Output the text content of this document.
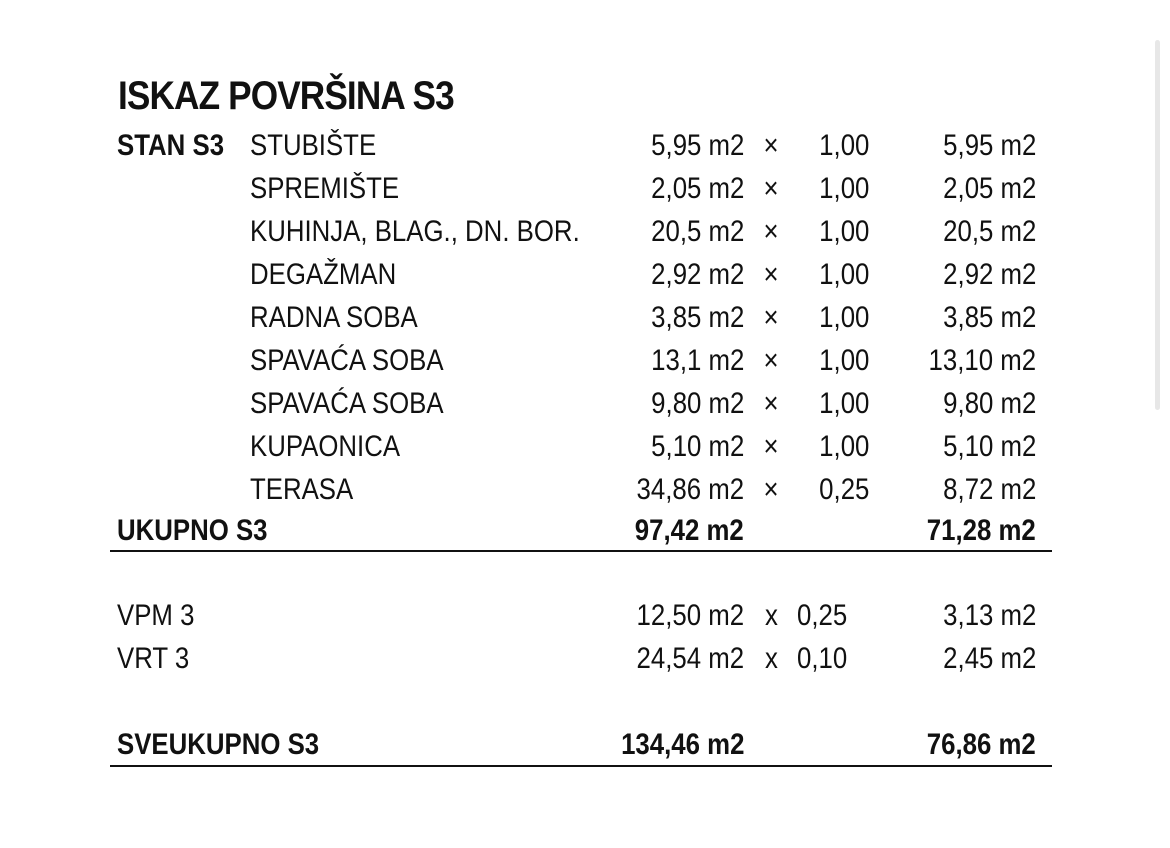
ISKAZ POVRŠINA S3
STAN S3 STUBIŠTE	5,95 m2 × 1,00 5,95 m2
SPREMIŠTE	2,05 m2 × 1,00 2,05 m2
KUHINJA, BLAG., DN. BOR. 20,5 m2 × 1,00 20,5 m2
DEGAŽMAN	2,92 m2 × 1,00 2,92 m2
RADNA SOBA	3,85 m2 × 1,00 3,85 m2
SPAVAĆA SOBA	13,1 m2 × 1,00 13,10 m2
SPAVAĆA SOBA	9,80 m2 × 1,00 9,80 m2
KUPAONICA	5,10 m2 × 1,00 5,10 m2
TERASA	34,86 m2 × 0,25 8,72 m2
UKUPNO S3	97,42 m2	71,28 m2
VPM 3	12,50 m2 x 0,25	3,13 m2
VRT 3	24,54 m2 x 0,10	2,45 m2
SVEUKUPNO S3	134,46 m2	76,86 m2
